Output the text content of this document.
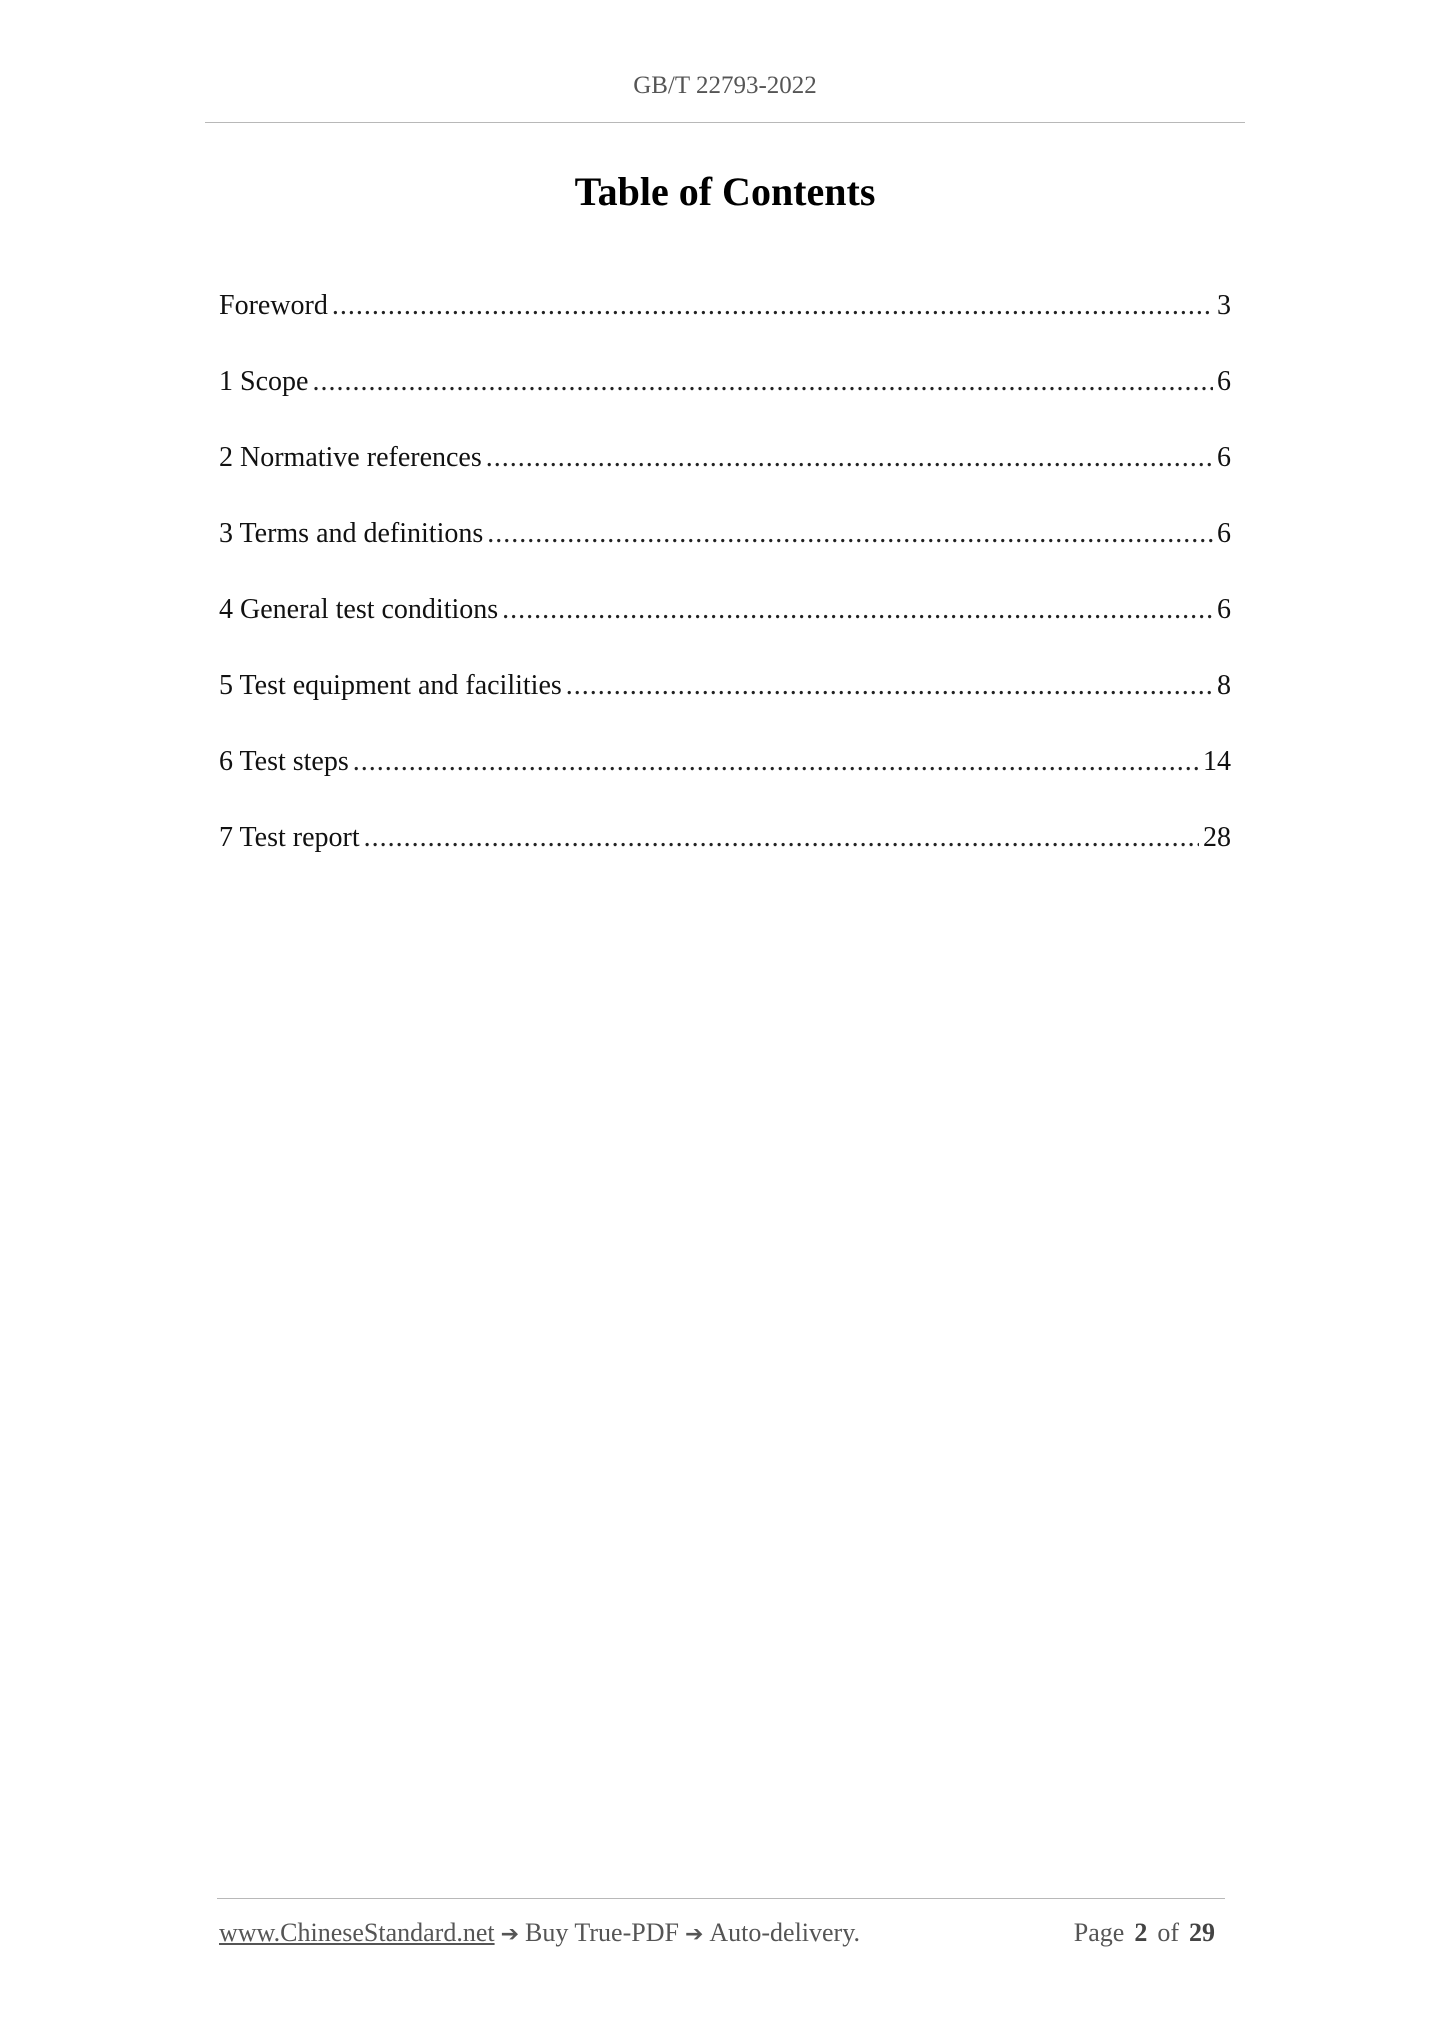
GB/T 22793-2022
Table of Contents
Foreword .....	3
1 Scope .....	6
2 Normative references .....	6
3 Terms and definitions .....	6
4 General test conditions .....	6
5 Test equipment and facilities .....	8
6 Test steps .....	14
7 Test report .....	28
www.ChineseStandard.net ➔ Buy True-PDF ➔ Auto-delivery.	Page 2 of 29
